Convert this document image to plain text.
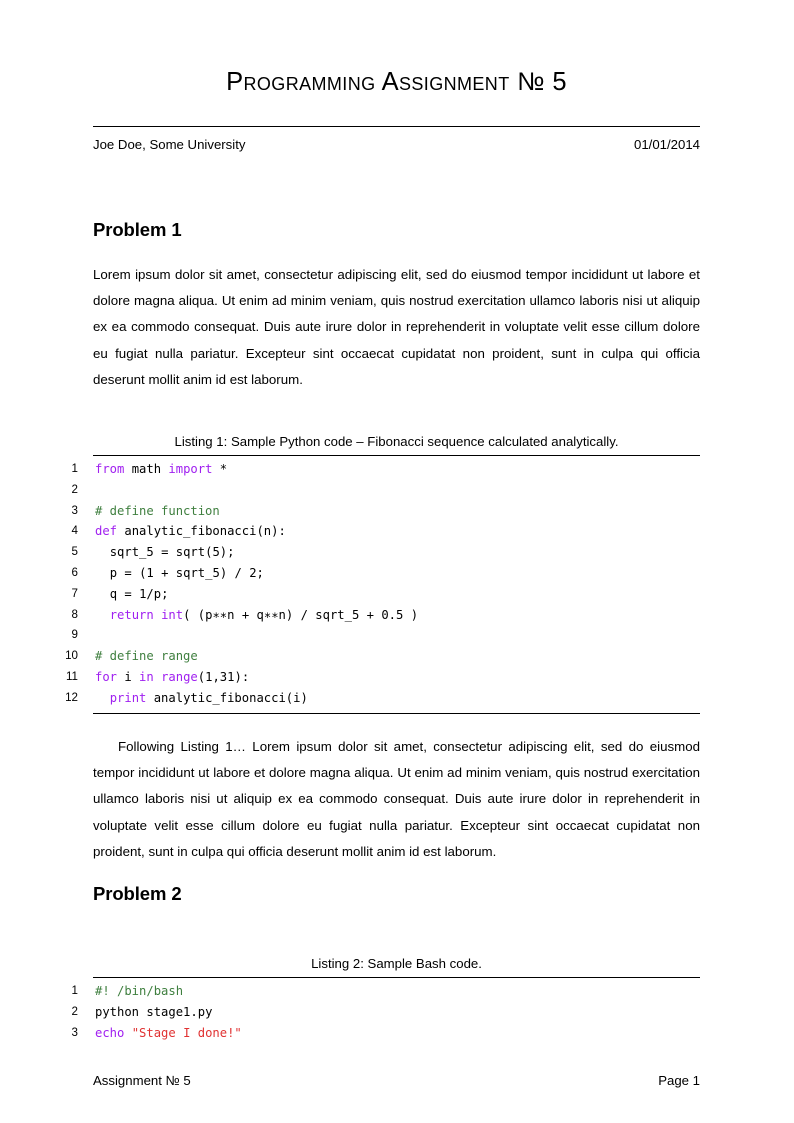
Programming Assignment № 5
Joe Doe, Some University	01/01/2014
Problem 1
Lorem ipsum dolor sit amet, consectetur adipiscing elit, sed do eiusmod tempor incididunt ut labore et dolore magna aliqua. Ut enim ad minim veniam, quis nostrud exercitation ullamco laboris nisi ut aliquip ex ea commodo consequat. Duis aute irure dolor in reprehenderit in voluptate velit esse cillum dolore eu fugiat nulla pariatur. Excepteur sint occaecat cupidatat non proident, sunt in culpa qui officia deserunt mollit anim id est laborum.
Listing 1: Sample Python code – Fibonacci sequence calculated analytically.
1 from math import *
2
3 # define function
4 def analytic_fibonacci(n):
5	sqrt_5 = sqrt(5);
6	p = (1 + sqrt_5) / 2;
7	q = 1/p;
8	return int( (p∗∗n + q∗∗n) / sqrt_5 + 0.5 )
9
10 # define range
11 for i in range(1,31):
12	print analytic_fibonacci(i)
Following Listing 1… Lorem ipsum dolor sit amet, consectetur adipiscing elit, sed do eiusmod tempor incididunt ut labore et dolore magna aliqua. Ut enim ad minim veniam, quis nostrud exercitation ullamco laboris nisi ut aliquip ex ea commodo consequat. Duis aute irure dolor in reprehenderit in voluptate velit esse cillum dolore eu fugiat nulla pariatur. Excepteur sint occaecat cupidatat non proident, sunt in culpa qui officia deserunt mollit anim id est laborum.
Problem 2
Listing 2: Sample Bash code.
1 #! /bin/bash
2 python stage1.py
3 echo "Stage I done!"
Assignment № 5	Page 1
